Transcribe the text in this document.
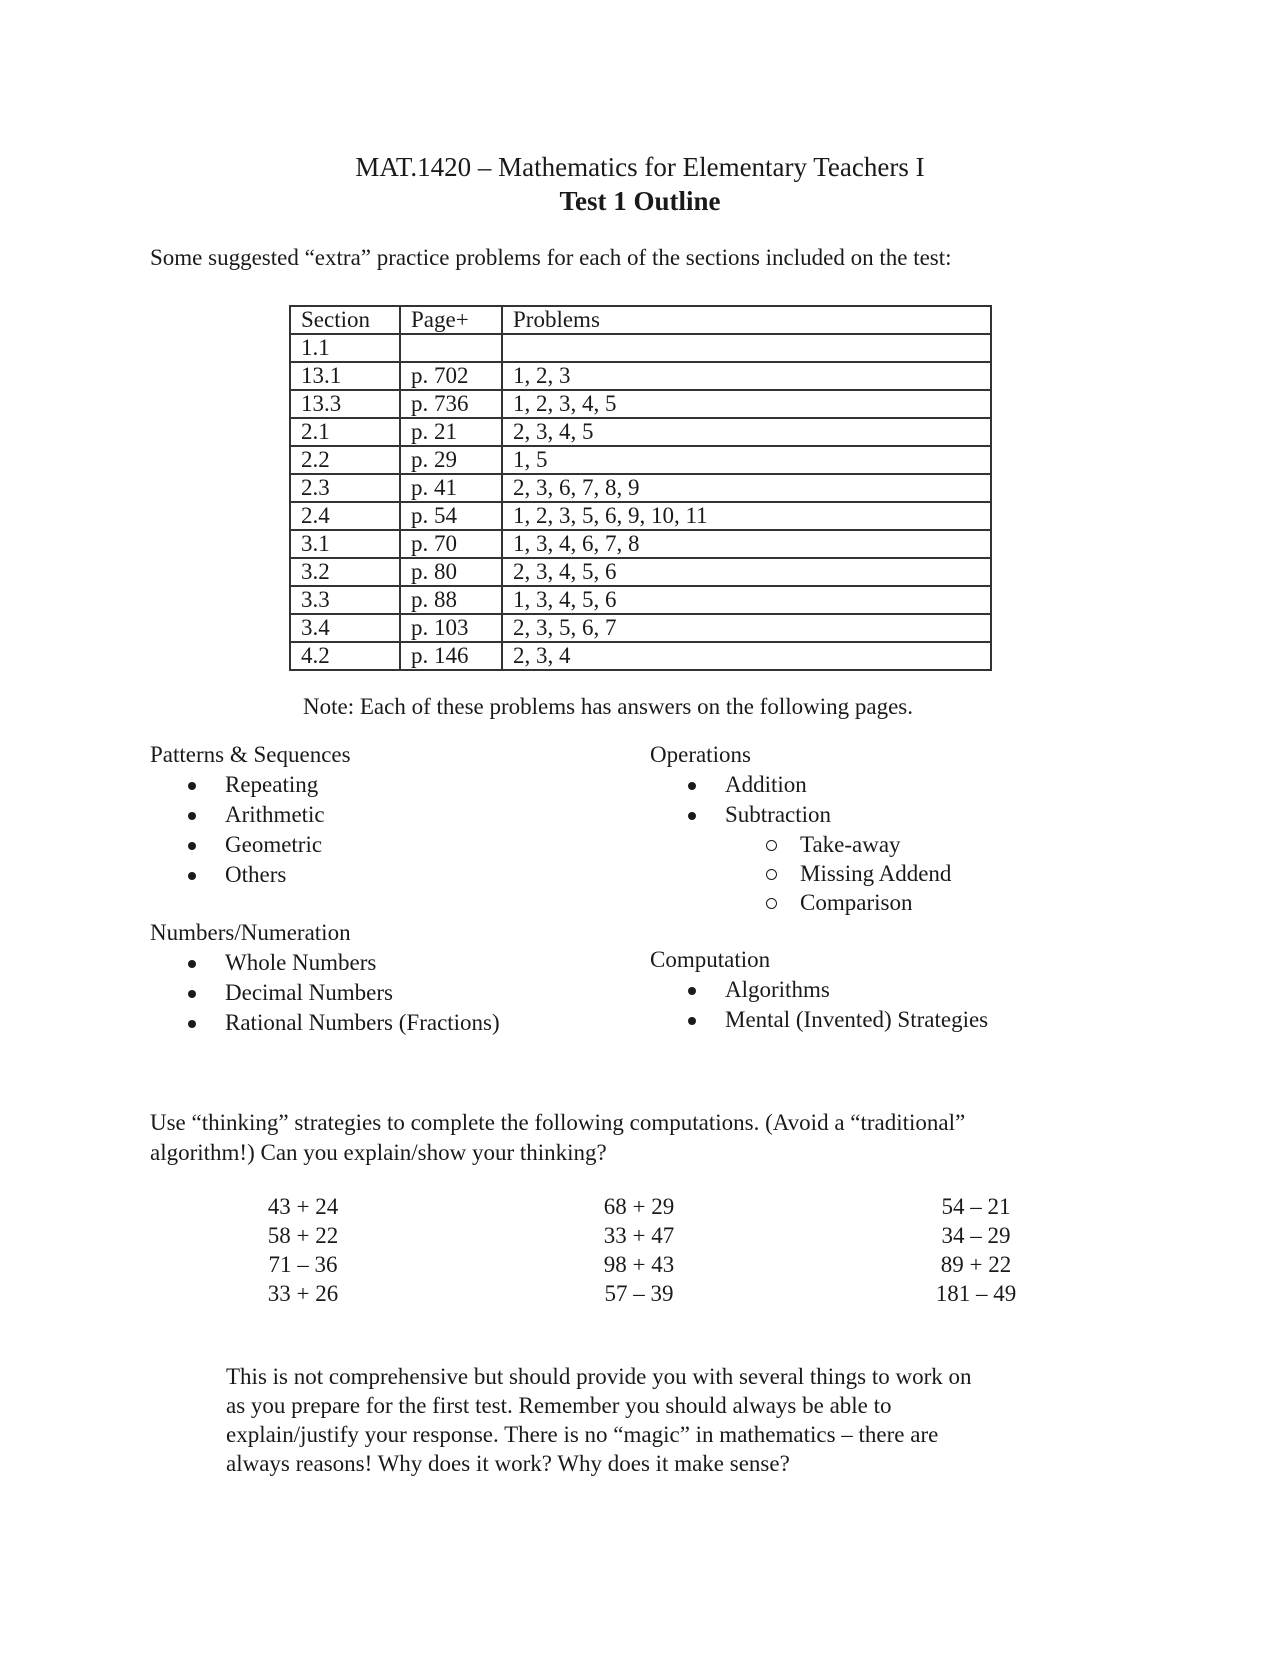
MAT.1420 – Mathematics for Elementary Teachers I
Test 1 Outline
Some suggested “extra” practice problems for each of the sections included on the test:
Section	Page+	Problems
1.1		
13.1	p. 702	1, 2, 3
13.3	p. 736	1, 2, 3, 4, 5
2.1	p. 21	2, 3, 4, 5
2.2	p. 29	1, 5
2.3	p. 41	2, 3, 6, 7, 8, 9
2.4	p. 54	1, 2, 3, 5, 6, 9, 10, 11
3.1	p. 70	1, 3, 4, 6, 7, 8
3.2	p. 80	2, 3, 4, 5, 6
3.3	p. 88	1, 3, 4, 5, 6
3.4	p. 103	2, 3, 5, 6, 7
4.2	p. 146	2, 3, 4
Note: Each of these problems has answers on the following pages.
Patterns & Sequences
Repeating
Arithmetic
Geometric
Others
Numbers/Numeration
Whole Numbers
Decimal Numbers
Rational Numbers (Fractions)
Operations
Addition
Subtraction
Take-away
Missing Addend
Comparison
Computation
Algorithms
Mental (Invented) Strategies
Use “thinking” strategies to complete the following computations. (Avoid a “traditional”
algorithm!) Can you explain/show your thinking?
43 + 24
58 + 22
71 – 36
33 + 26
68 + 29
33 + 47
98 + 43
57 – 39
54 – 21
34 – 29
89 + 22
181 – 49
This is not comprehensive but should provide you with several things to work on
as you prepare for the first test. Remember you should always be able to
explain/justify your response. There is no “magic” in mathematics – there are
always reasons! Why does it work? Why does it make sense?
